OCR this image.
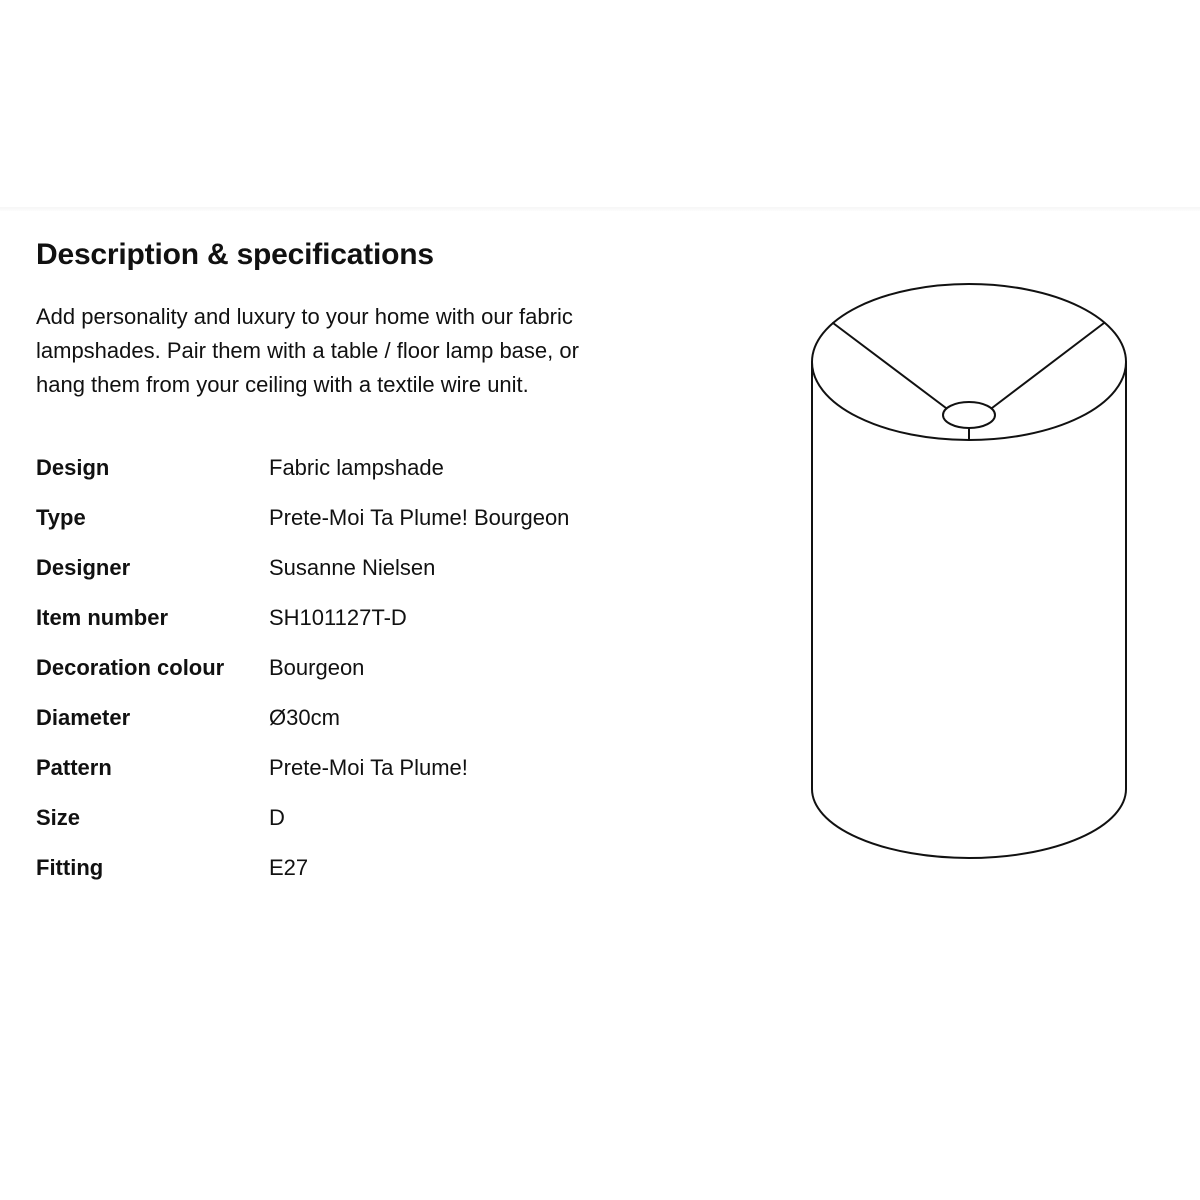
Description & specifications

Add personality and luxury to your home with our fabric lampshades. Pair them with a table / floor lamp base, or hang them from your ceiling with a textile wire unit.

Design	Fabric lampshade
Type	Prete-Moi Ta Plume! Bourgeon
Designer	Susanne Nielsen
Item number	SH101127T-D
Decoration colour	Bourgeon
Diameter	Ø30cm
Pattern	Prete-Moi Ta Plume!
Size	D
Fitting	E27
